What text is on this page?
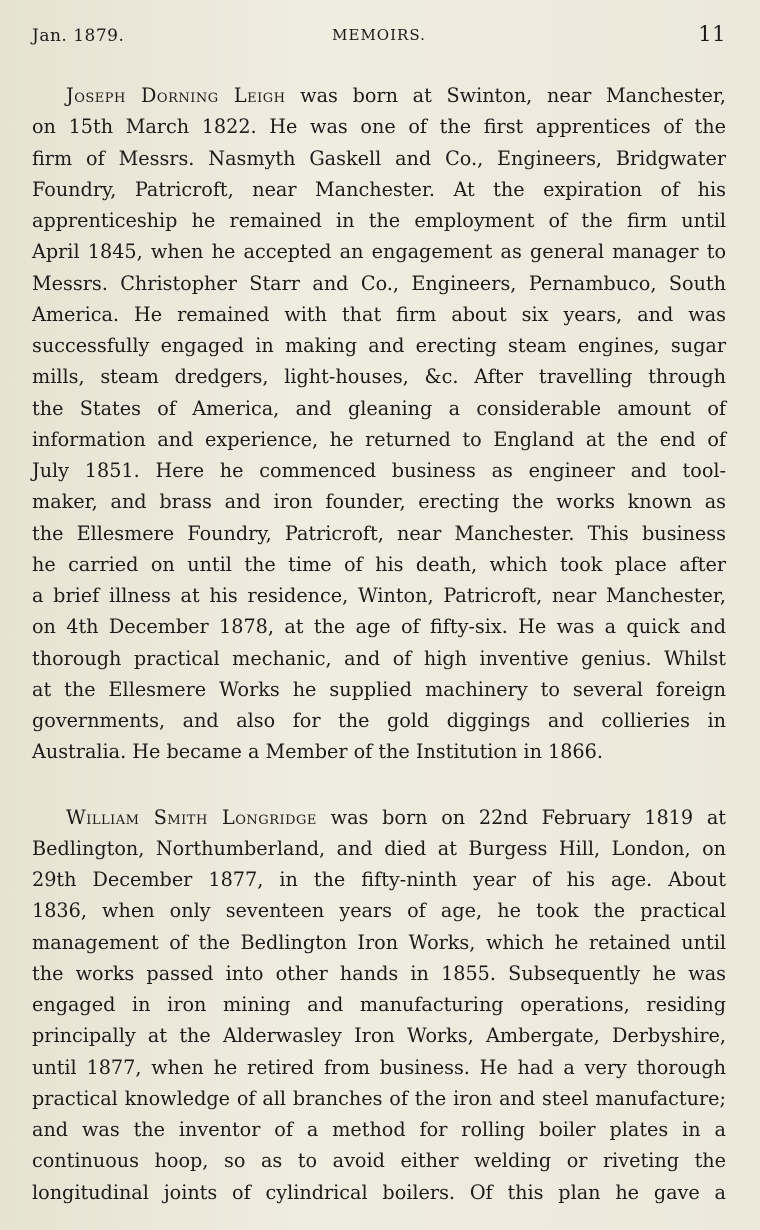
Jan. 1879.	MEMOIRS.	11
Joseph Dorning Leigh was born at Swinton, near Manchester,
on 15th March 1822. He was one of the first apprentices of the
firm of Messrs. Nasmyth Gaskell and Co., Engineers, Bridgwater
Foundry, Patricroft, near Manchester. At the expiration of his
apprenticeship he remained in the employment of the firm until
April 1845, when he accepted an engagement as general manager to
Messrs. Christopher Starr and Co., Engineers, Pernambuco, South
America. He remained with that firm about six years, and was
successfully engaged in making and erecting steam engines, sugar
mills, steam dredgers, light-houses, &c. After travelling through
the States of America, and gleaning a considerable amount of
information and experience, he returned to England at the end of
July 1851. Here he commenced business as engineer and tool-
maker, and brass and iron founder, erecting the works known as
the Ellesmere Foundry, Patricroft, near Manchester. This business
he carried on until the time of his death, which took place after
a brief illness at his residence, Winton, Patricroft, near Manchester,
on 4th December 1878, at the age of fifty-six. He was a quick and
thorough practical mechanic, and of high inventive genius. Whilst
at the Ellesmere Works he supplied machinery to several foreign
governments, and also for the gold diggings and collieries in
Australia. He became a Member of the Institution in 1866.
William Smith Longridge was born on 22nd February 1819 at
Bedlington, Northumberland, and died at Burgess Hill, London, on
29th December 1877, in the fifty-ninth year of his age. About
1836, when only seventeen years of age, he took the practical
management of the Bedlington Iron Works, which he retained until
the works passed into other hands in 1855. Subsequently he was
engaged in iron mining and manufacturing operations, residing
principally at the Alderwasley Iron Works, Ambergate, Derbyshire,
until 1877, when he retired from business. He had a very thorough
practical knowledge of all branches of the iron and steel manufacture;
and was the inventor of a method for rolling boiler plates in a
continuous hoop, so as to avoid either welding or riveting the
longitudinal joints of cylindrical boilers. Of this plan he gave a
